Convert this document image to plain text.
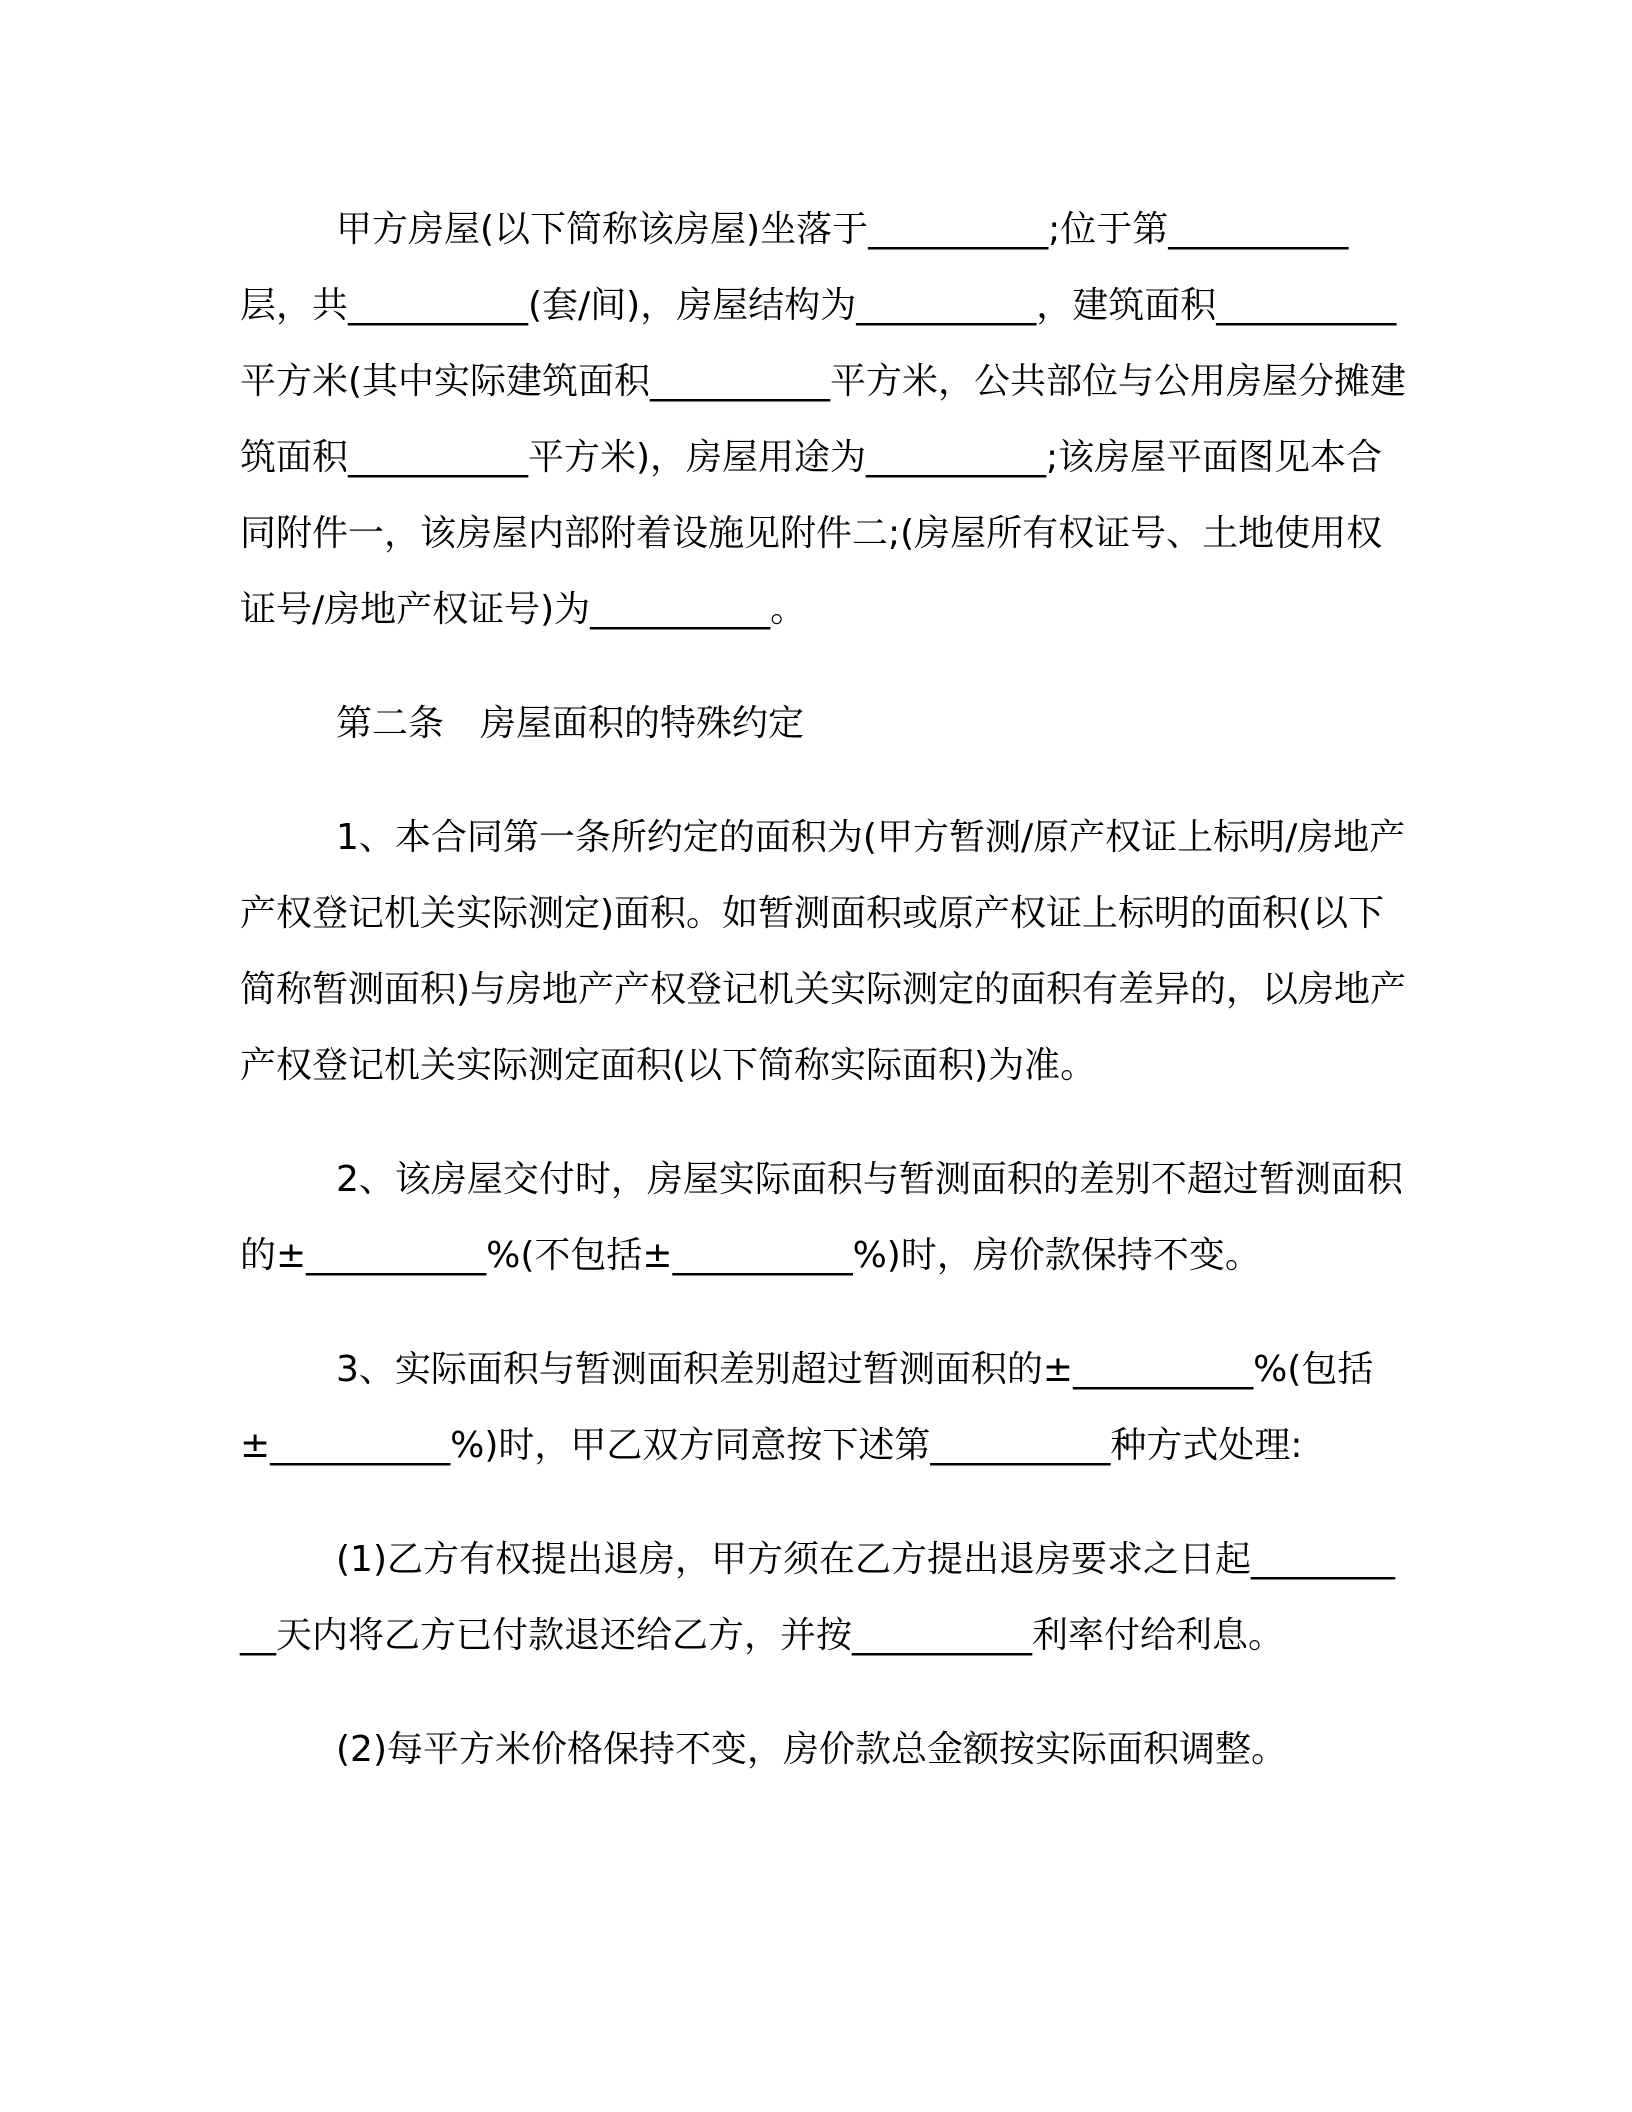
甲方房屋(以下简称该房屋)坐落于__________;位于第__________层，共__________(套/间)，房屋结构为__________，建筑面积__________平方米(其中实际建筑面积__________平方米，公共部位与公用房屋分摊建筑面积__________平方米)，房屋用途为__________;该房屋平面图见本合同附件一，该房屋内部附着设施见附件二;(房屋所有权证号、土地使用权证号/房地产权证号)为__________。

第二条　房屋面积的特殊约定

1、本合同第一条所约定的面积为(甲方暂测/原产权证上标明/房地产产权登记机关实际测定)面积。如暂测面积或原产权证上标明的面积(以下简称暂测面积)与房地产产权登记机关实际测定的面积有差异的，以房地产产权登记机关实际测定面积(以下简称实际面积)为准。

2、该房屋交付时，房屋实际面积与暂测面积的差别不超过暂测面积的±__________%(不包括±__________%)时，房价款保持不变。

3、实际面积与暂测面积差别超过暂测面积的±__________%(包括±__________%)时，甲乙双方同意按下述第__________种方式处理:

(1)乙方有权提出退房，甲方须在乙方提出退房要求之日起__________天内将乙方已付款退还给乙方，并按__________利率付给利息。

(2)每平方米价格保持不变，房价款总金额按实际面积调整。
